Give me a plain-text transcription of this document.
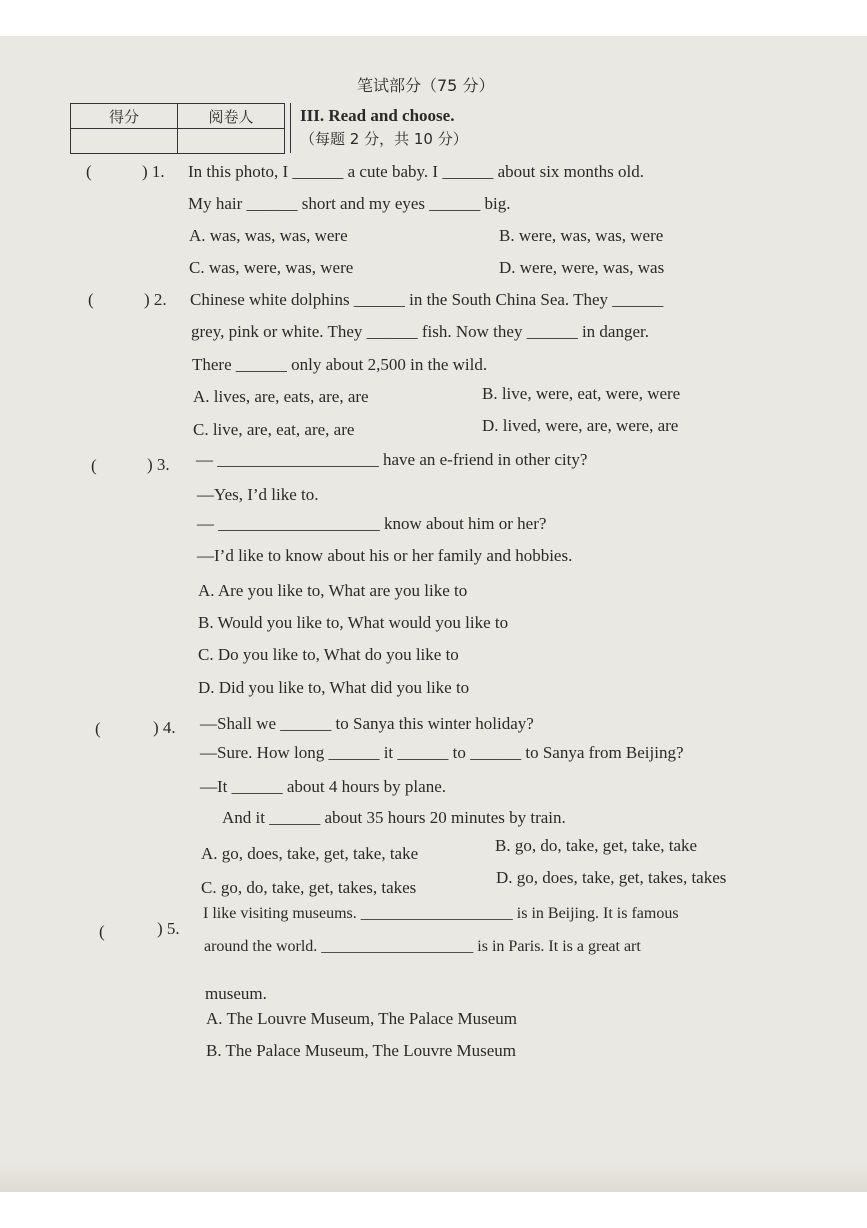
笔试部分（75 分）
得分	阅卷人
		III. Read and choose.
（每题 2 分，共 10 分）
(	) 1. In this photo, I ______ a cute baby. I ______ about six months old.
My hair ______ short and my eyes ______ big.
A. was, was, was, were	B. were, was, was, were
C. was, were, was, were	D. were, were, was, was
(	) 2. Chinese white dolphins ______ in the South China Sea. They ______
grey, pink or white. They ______ fish. Now they ______ in danger.
There ______ only about 2,500 in the wild.
A. lives, are, eats, are, are	B. live, were, eat, were, were
C. live, are, eat, are, are	D. lived, were, are, were, are
(	) 3. — ___________________ have an e-friend in other city?
—Yes, I’d like to.
— ___________________ know about him or her?
—I’d like to know about his or her family and hobbies.
A. Are you like to, What are you like to
B. Would you like to, What would you like to
C. Do you like to, What do you like to
D. Did you like to, What did you like to
(	) 4. —Shall we ______ to Sanya this winter holiday?
—Sure. How long ______ it ______ to ______ to Sanya from Beijing?
—It ______ about 4 hours by plane.
And it ______ about 35 hours 20 minutes by train.
A. go, does, take, get, take, take	B. go, do, take, get, take, take
C. go, do, take, get, takes, takes
D. go, does, take, get, takes, takes
(	) 5.
I like visiting museums. ___________________ is in Beijing. It is famous
around the world. ___________________ is in Paris. It is a great art
museum.
A. The Louvre Museum, The Palace Museum
B. The Palace Museum, The Louvre Museum
